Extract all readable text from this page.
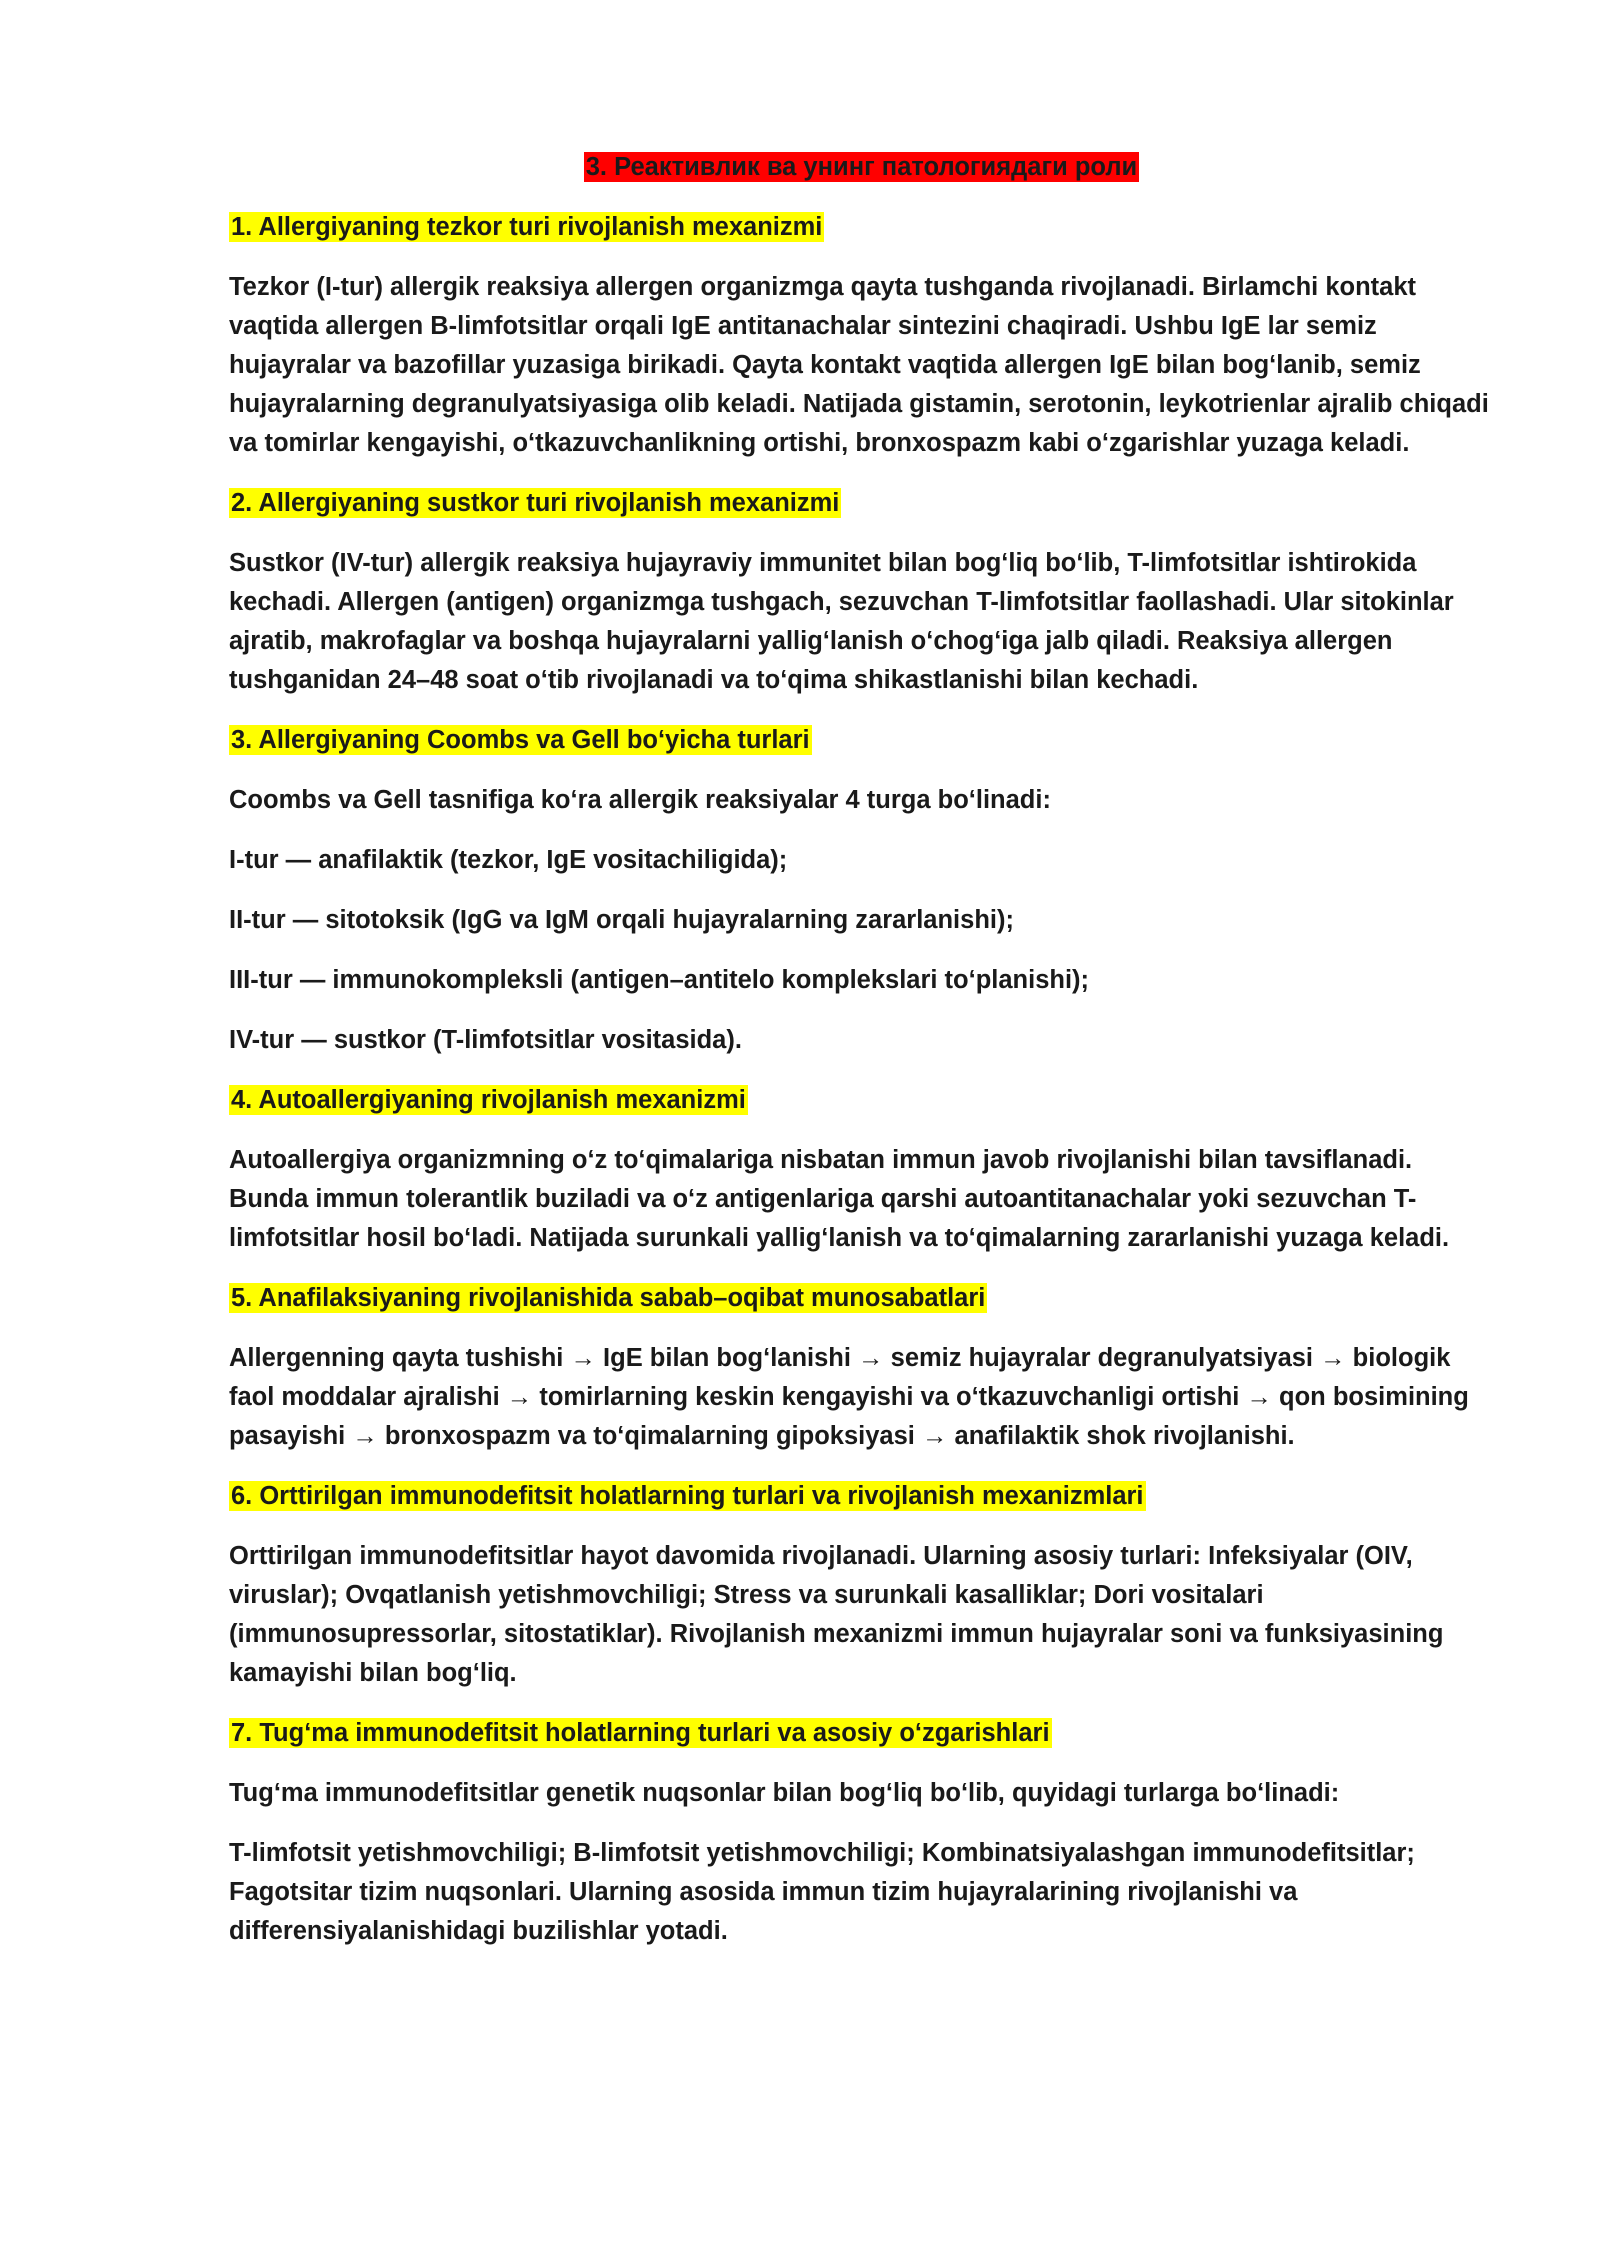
3. Реактивлик ва унинг патологиядаги роли
1. Allergiyaning tezkor turi rivojlanish mexanizmi
Tezkor (I-tur) allergik reaksiya allergen organizmga qayta tushganda rivojlanadi. Birlamchi kontakt vaqtida allergen B-limfotsitlar orqali IgE antitanachalar sintezini chaqiradi. Ushbu IgE lar semiz hujayralar va bazofillar yuzasiga birikadi. Qayta kontakt vaqtida allergen IgE bilan bog‘lanib, semiz hujayralarning degranulyatsiyasiga olib keladi. Natijada gistamin, serotonin, leykotrienlar ajralib chiqadi va tomirlar kengayishi, o‘tkazuvchanlikning ortishi, bronxospazm kabi o‘zgarishlar yuzaga keladi.
2. Allergiyaning sustkor turi rivojlanish mexanizmi
Sustkor (IV-tur) allergik reaksiya hujayraviy immunitet bilan bog‘liq bo‘lib, T-limfotsitlar ishtirokida kechadi. Allergen (antigen) organizmga tushgach, sezuvchan T-limfotsitlar faollashadi. Ular sitokinlar ajratib, makrofaglar va boshqa hujayralarni yallig‘lanish o‘chog‘iga jalb qiladi. Reaksiya allergen tushganidan 24–48 soat o‘tib rivojlanadi va to‘qima shikastlanishi bilan kechadi.
3. Allergiyaning Coombs va Gell bo‘yicha turlari
Coombs va Gell tasnifiga ko‘ra allergik reaksiyalar 4 turga bo‘linadi:
I-tur — anafilaktik (tezkor, IgE vositachiligida);
II-tur — sitotoksik (IgG va IgM orqali hujayralarning zararlanishi);
III-tur — immunokompleksli (antigen–antitelo komplekslari to‘planishi);
IV-tur — sustkor (T-limfotsitlar vositasida).
4. Autoallergiyaning rivojlanish mexanizmi
Autoallergiya organizmning o‘z to‘qimalariga nisbatan immun javob rivojlanishi bilan tavsiflanadi. Bunda immun tolerantlik buziladi va o‘z antigenlariga qarshi autoantitanachalar yoki sezuvchan T-limfotsitlar hosil bo‘ladi. Natijada surunkali yallig‘lanish va to‘qimalarning zararlanishi yuzaga keladi.
5. Anafilaksiyaning rivojlanishida sabab–oqibat munosabatlari
Allergenning qayta tushishi → IgE bilan bog‘lanishi → semiz hujayralar degranulyatsiyasi → biologik faol moddalar ajralishi → tomirlarning keskin kengayishi va o‘tkazuvchanligi ortishi → qon bosimining pasayishi → bronxospazm va to‘qimalarning gipoksiyasi → anafilaktik shok rivojlanishi.
6. Orttirilgan immunodefitsit holatlarning turlari va rivojlanish mexanizmlari
Orttirilgan immunodefitsitlar hayot davomida rivojlanadi. Ularning asosiy turlari: Infeksiyalar (OIV, viruslar); Ovqatlanish yetishmovchiligi; Stress va surunkali kasalliklar; Dori vositalari (immunosupressorlar, sitostatiklar). Rivojlanish mexanizmi immun hujayralar soni va funksiyasining kamayishi bilan bog‘liq.
7. Tug‘ma immunodefitsit holatlarning turlari va asosiy o‘zgarishlari
Tug‘ma immunodefitsitlar genetik nuqsonlar bilan bog‘liq bo‘lib, quyidagi turlarga bo‘linadi:
T-limfotsit yetishmovchiligi; B-limfotsit yetishmovchiligi; Kombinatsiyalashgan immunodefitsitlar; Fagotsitar tizim nuqsonlari. Ularning asosida immun tizim hujayralarining rivojlanishi va differensiyalanishidagi buzilishlar yotadi.
